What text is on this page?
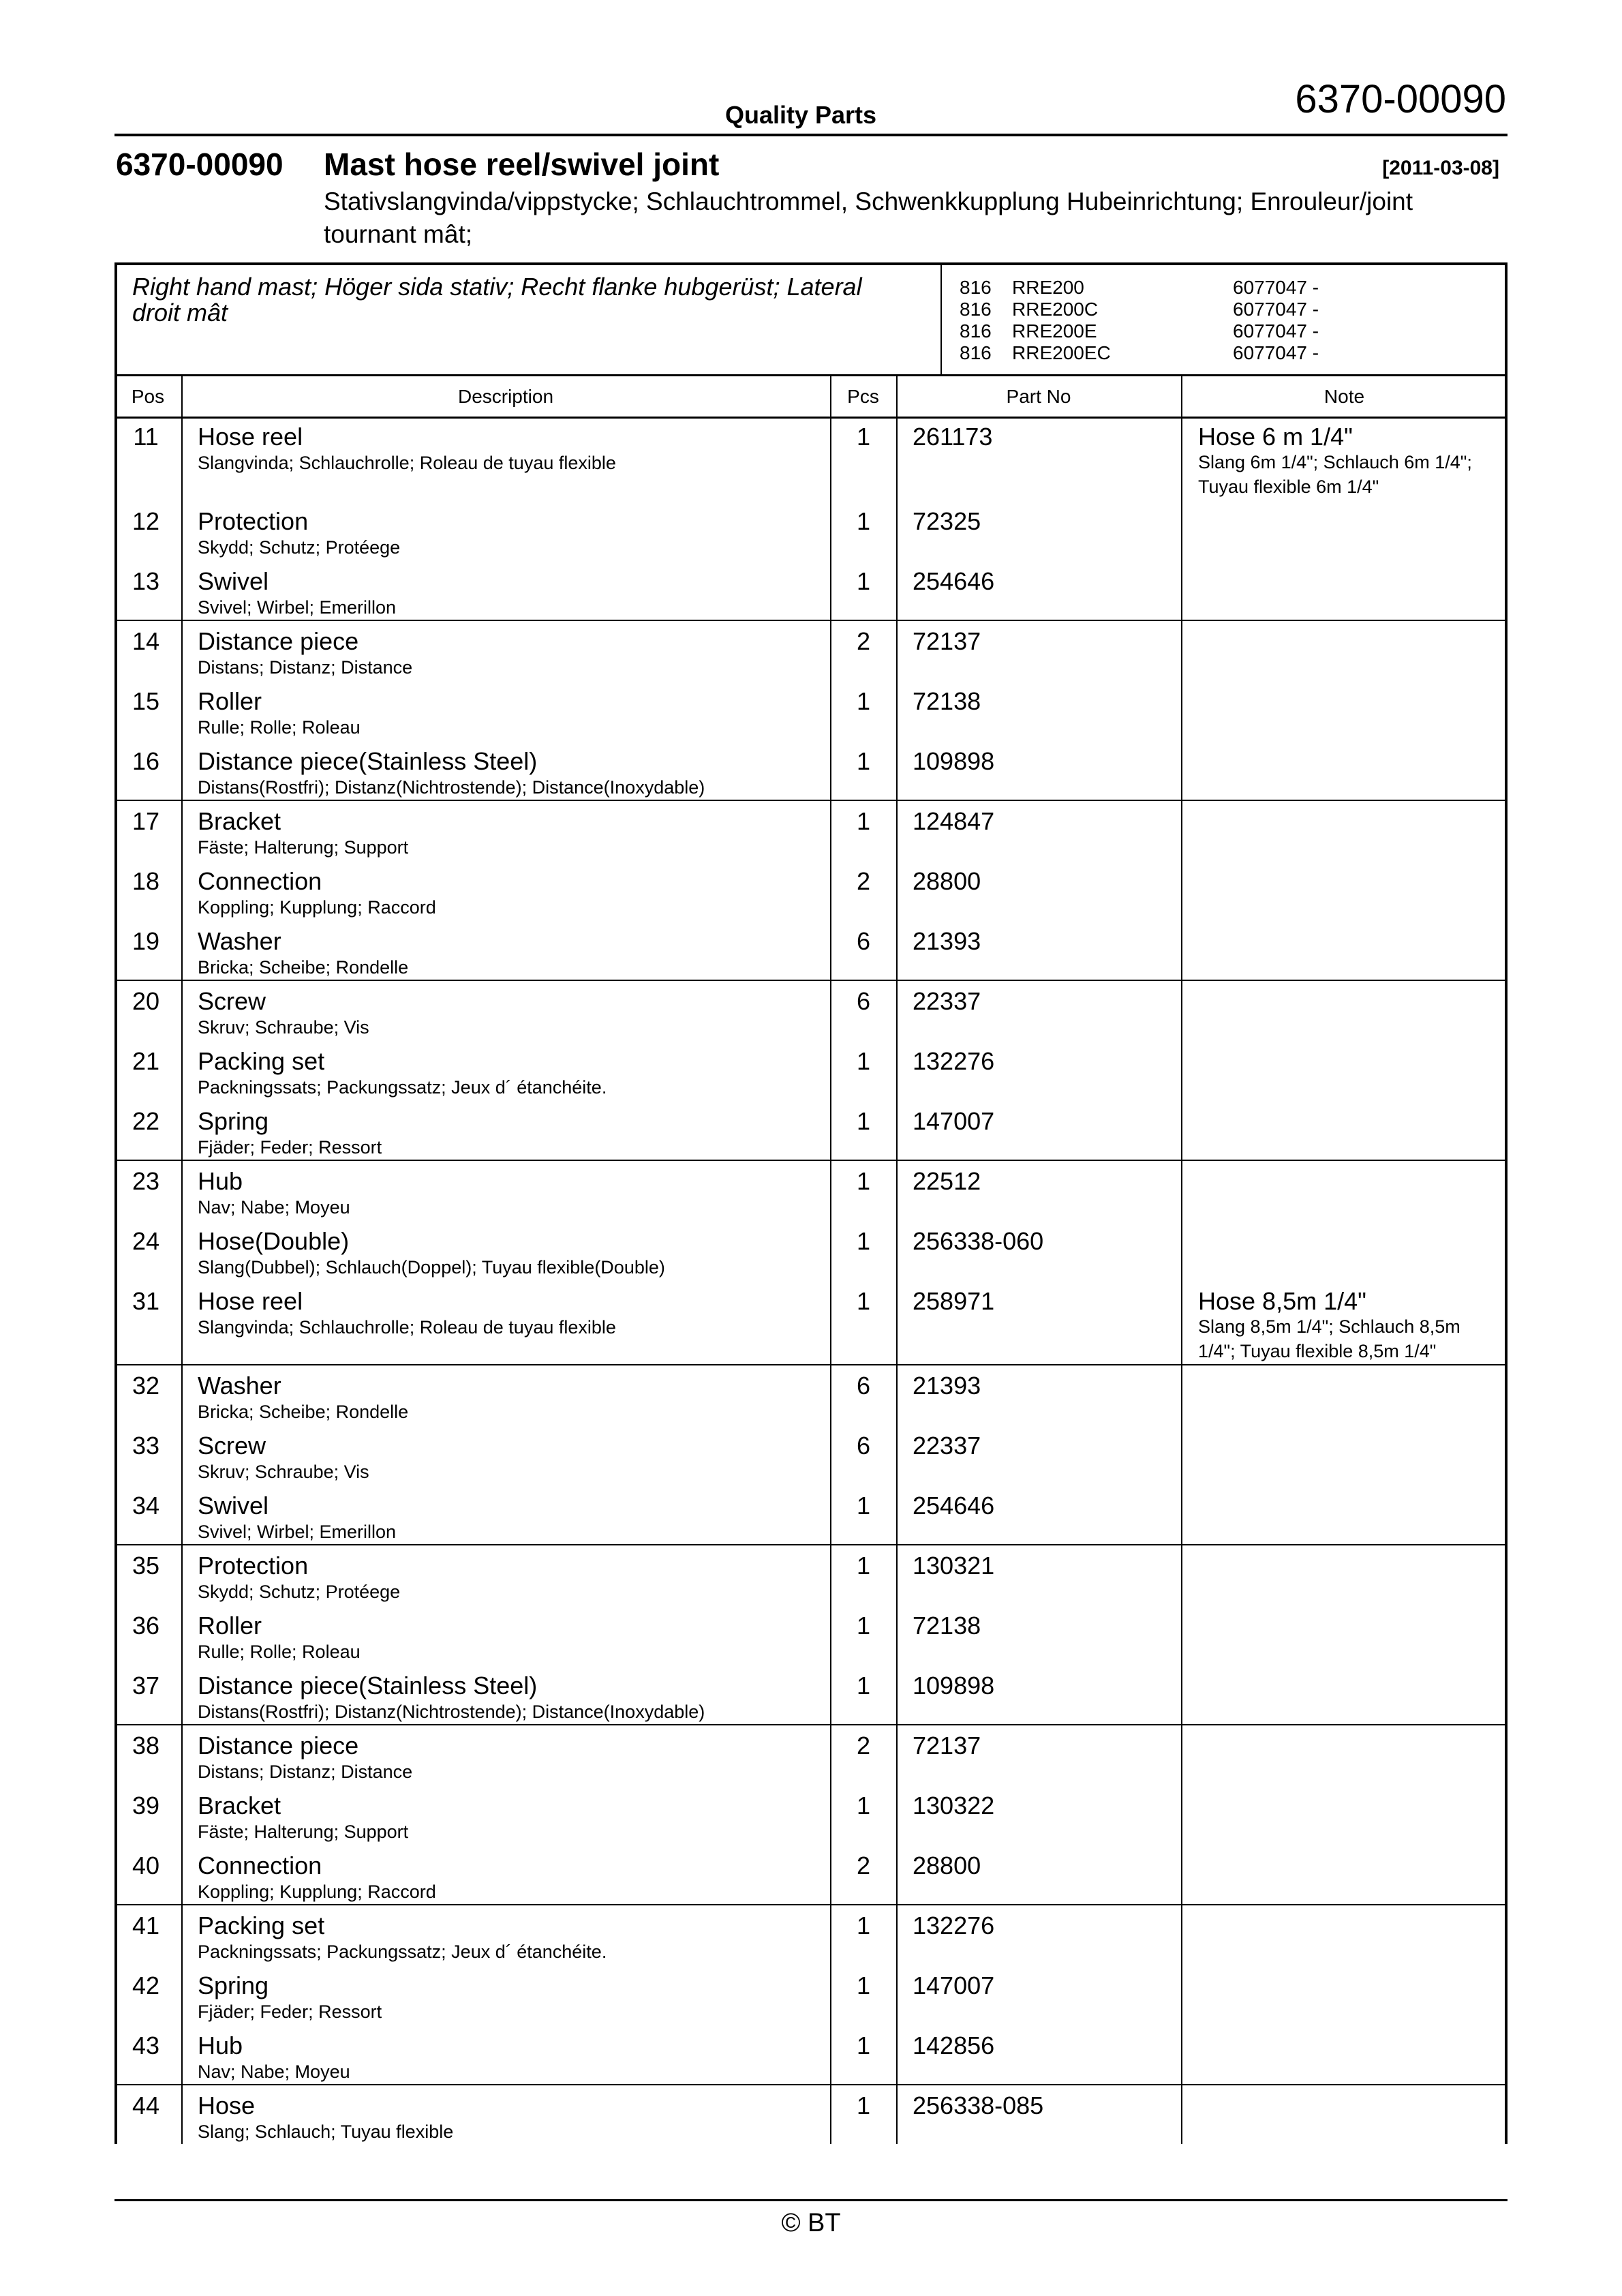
Quality Parts	6370-00090
6370-00090 Mast hose reel/swivel joint	[2011-03-08]
Stativslangvinda/vippstycke; Schlauchtrommel, Schwenkkupplung Hubeinrichtung; Enrouleur/joint tournant mât;
Right hand mast; Höger sida stativ; Recht flanke hubgerüst; Lateral droit mât
816	RRE200	6077047 -
816	RRE200C	6077047 -
816	RRE200E	6077047 -
816	RRE200EC	6077047 -
Pos	Description	Pcs	Part No	Note
11	Hose reel
Slangvinda; Schlauchrolle; Roleau de tuyau flexible
1	261173	Hose 6 m 1/4"
Slang 6m 1/4"; Schlauch 6m 1/4"; Tuyau flexible 6m 1/4"
12	Protection
Skydd; Schutz; Protéege
1	72325
13	Swivel
Svivel; Wirbel; Emerillon
1	254646
14	Distance piece
Distans; Distanz; Distance
2	72137
15	Roller
Rulle; Rolle; Roleau
1	72138
16	Distance piece(Stainless Steel)
Distans(Rostfri); Distanz(Nichtrostende); Distance(Inoxydable)
1	109898
17	Bracket
Fäste; Halterung; Support
1	124847
18	Connection
Koppling; Kupplung; Raccord
2	28800
19	Washer
Bricka; Scheibe; Rondelle
6	21393
20	Screw
Skruv; Schraube; Vis
6	22337
21	Packing set
Packningssats; Packungssatz; Jeux d´ étanchéite.
1	132276
22	Spring
Fjäder; Feder; Ressort
1	147007
23	Hub
Nav; Nabe; Moyeu
1	22512
24	Hose(Double)
Slang(Dubbel); Schlauch(Doppel); Tuyau flexible(Double)
1	256338-060
31	Hose reel
Slangvinda; Schlauchrolle; Roleau de tuyau flexible
1	258971	Hose 8,5m 1/4"
Slang 8,5m 1/4"; Schlauch 8,5m 1/4"; Tuyau flexible 8,5m 1/4"
32	Washer
Bricka; Scheibe; Rondelle
6	21393
33	Screw
Skruv; Schraube; Vis
6	22337
34	Swivel
Svivel; Wirbel; Emerillon
1	254646
35	Protection
Skydd; Schutz; Protéege
1	130321
36	Roller
Rulle; Rolle; Roleau
1	72138
37	Distance piece(Stainless Steel)
Distans(Rostfri); Distanz(Nichtrostende); Distance(Inoxydable)
1	109898
38	Distance piece
Distans; Distanz; Distance
2	72137
39	Bracket
Fäste; Halterung; Support
1	130322
40	Connection
Koppling; Kupplung; Raccord
2	28800
41	Packing set
Packningssats; Packungssatz; Jeux d´ étanchéite.
1	132276
42	Spring
Fjäder; Feder; Ressort
1	147007
43	Hub
Nav; Nabe; Moyeu
1	142856
44	Hose
Slang; Schlauch; Tuyau flexible
1	256338-085
© BT
